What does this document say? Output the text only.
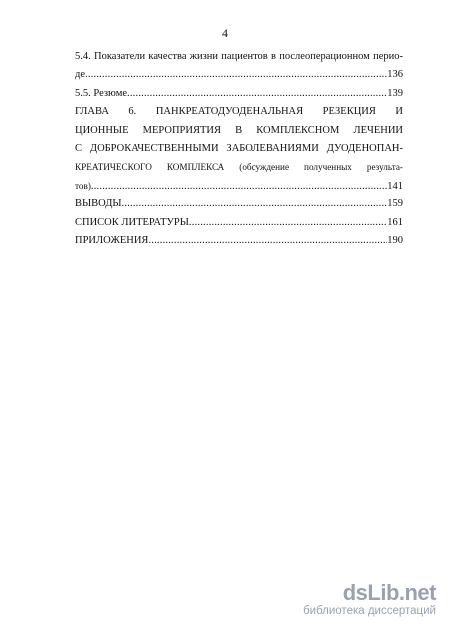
4
5.4. Показатели качества жизни пациентов в послеоперационном перио-
де .....	136
5.5. Резюме .....	139
ГЛАВА 6. ПАНКРЕАТОДУОДЕНАЛЬНАЯ РЕЗЕКЦИЯ И
ЦИОННЫЕ МЕРОПРИЯТИЯ В КОМПЛЕКСНОМ ЛЕЧЕНИИ
С ДОБРОКАЧЕСТВЕННЫМИ ЗАБОЛЕВАНИЯМИ ДУОДЕНОПАН-
КРЕАТИЧЕСКОГО КОМПЛЕКСА (обсуждение полученных результа-
тов) .....	141
ВЫВОДЫ .....	159
СПИСОК ЛИТЕРАТУРЫ .....	161
ПРИЛОЖЕНИЯ .....	190
dsLib.net
библиотека диссертаций
